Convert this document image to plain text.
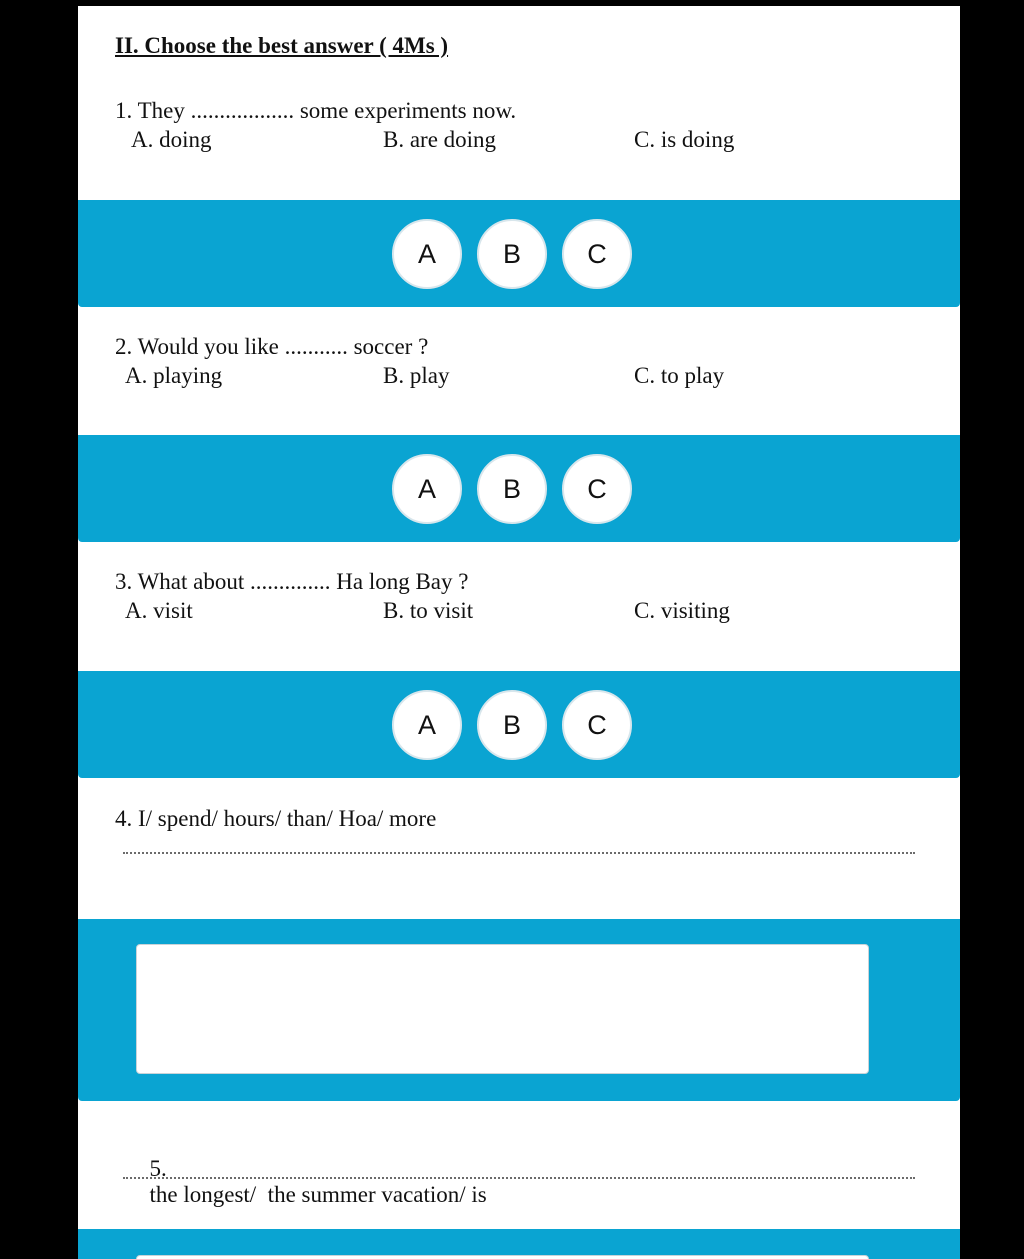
II. Choose the best answer ( 4Ms )
1. They .................. some experiments now.
A. doing	B. are doing	C. is doing
A	B	C
2. Would you like ........... soccer ?
A. playing	B. play	C. to play
A	B	C
3. What about .............. Ha long Bay ?
A. visit	B. to visit	C. visiting
A	B	C
4. I/ spend/ hours/ than/ Hoa/ more

5.
the longest/  the summer vacation/ is
